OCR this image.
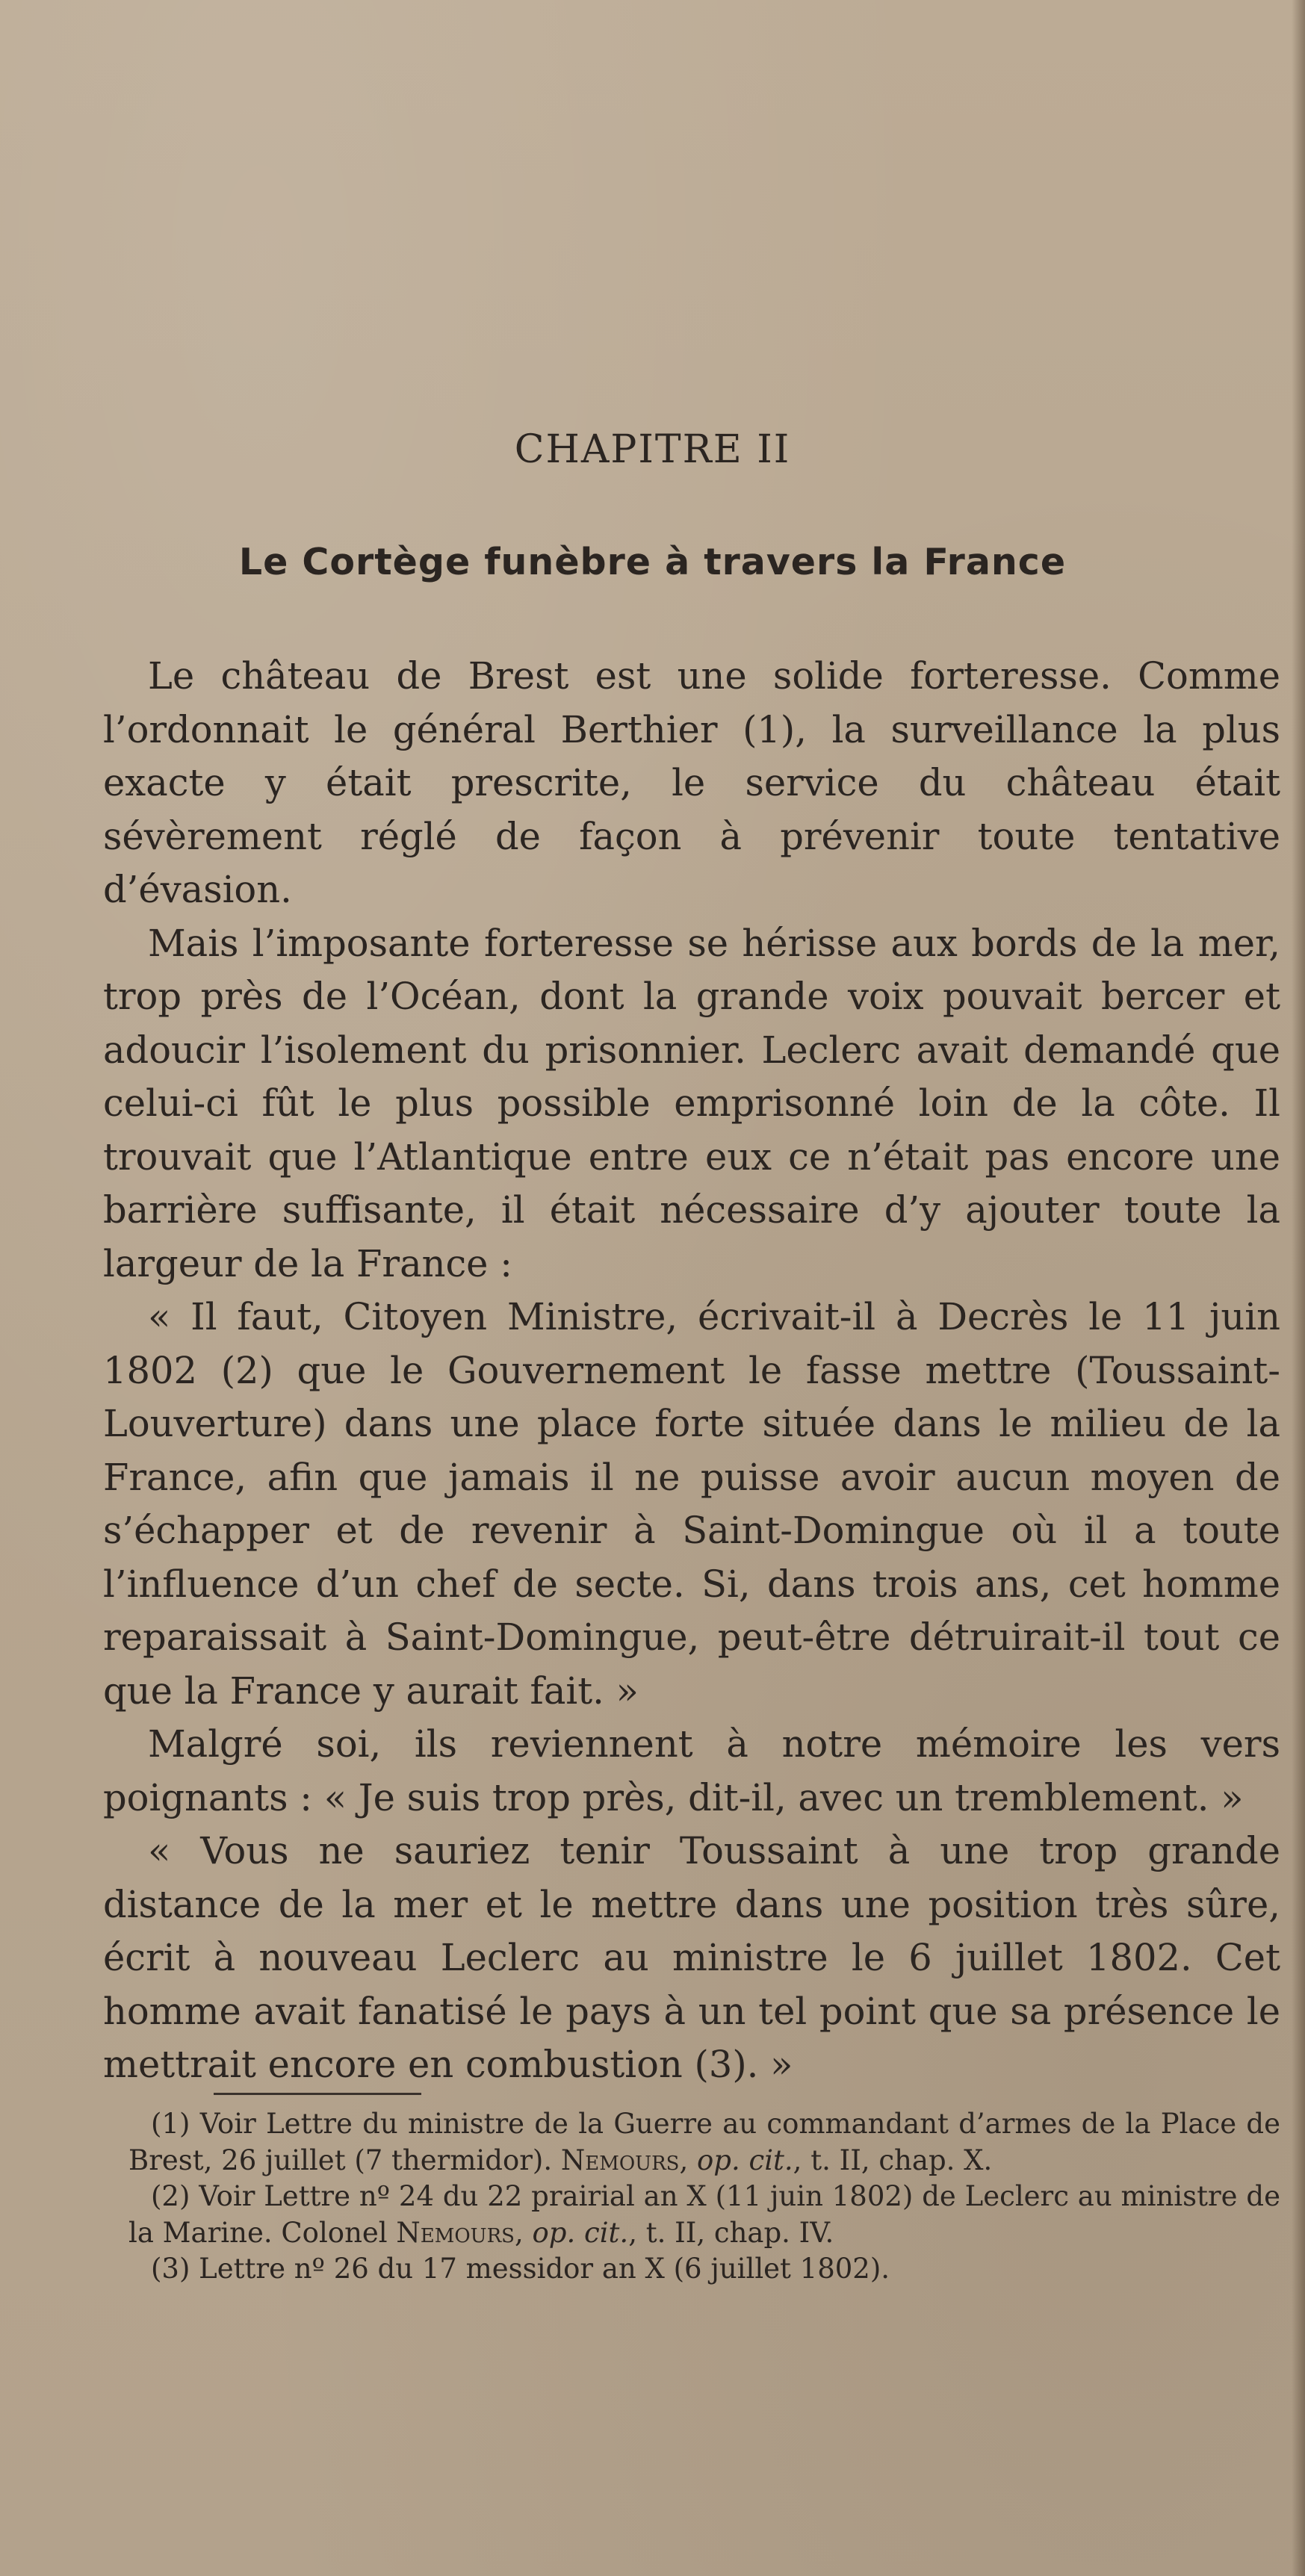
CHAPITRE II
Le Cortège funèbre à travers la France

Le château de Brest est une solide forteresse. Comme l’ordonnait le général Berthier (1), la surveillance la plus exacte y était prescrite, le service du château était sévèrement réglé de façon à prévenir toute tentative d’évasion.

Mais l’imposante forteresse se hérisse aux bords de la mer, trop près de l’Océan, dont la grande voix pouvait bercer et adoucir l’isolement du prisonnier. Leclerc avait demandé que celui-ci fût le plus possible emprisonné loin de la côte. Il trouvait que l’Atlantique entre eux ce n’était pas encore une barrière suffisante, il était nécessaire d’y ajouter toute la largeur de la France :

« Il faut, Citoyen Ministre, écrivait-il à Decrès le 11 juin 1802 (2) que le Gouvernement le fasse mettre (Toussaint-Louverture) dans une place forte située dans le milieu de la France, afin que jamais il ne puisse avoir aucun moyen de s’échapper et de revenir à Saint-Domingue où il a toute l’influence d’un chef de secte. Si, dans trois ans, cet homme reparaissait à Saint-Domingue, peut-être détruirait-il tout ce que la France y aurait fait. »

Malgré soi, ils reviennent à notre mémoire les vers poignants : « Je suis trop près, dit-il, avec un tremblement. »

« Vous ne sauriez tenir Toussaint à une trop grande distance de la mer et le mettre dans une position très sûre, écrit à nouveau Leclerc au ministre le 6 juillet 1802. Cet homme avait fanatisé le pays à un tel point que sa présence le mettrait encore en combustion (3). »

(1) Voir Lettre du ministre de la Guerre au commandant d’armes de la Place de Brest, 26 juillet (7 thermidor). Nemours, op. cit., t. II, chap. X.

(2) Voir Lettre nº 24 du 22 prairial an X (11 juin 1802) de Leclerc au ministre de la Marine. Colonel Nemours, op. cit., t. II, chap. IV.

(3) Lettre nº 26 du 17 messidor an X (6 juillet 1802).
